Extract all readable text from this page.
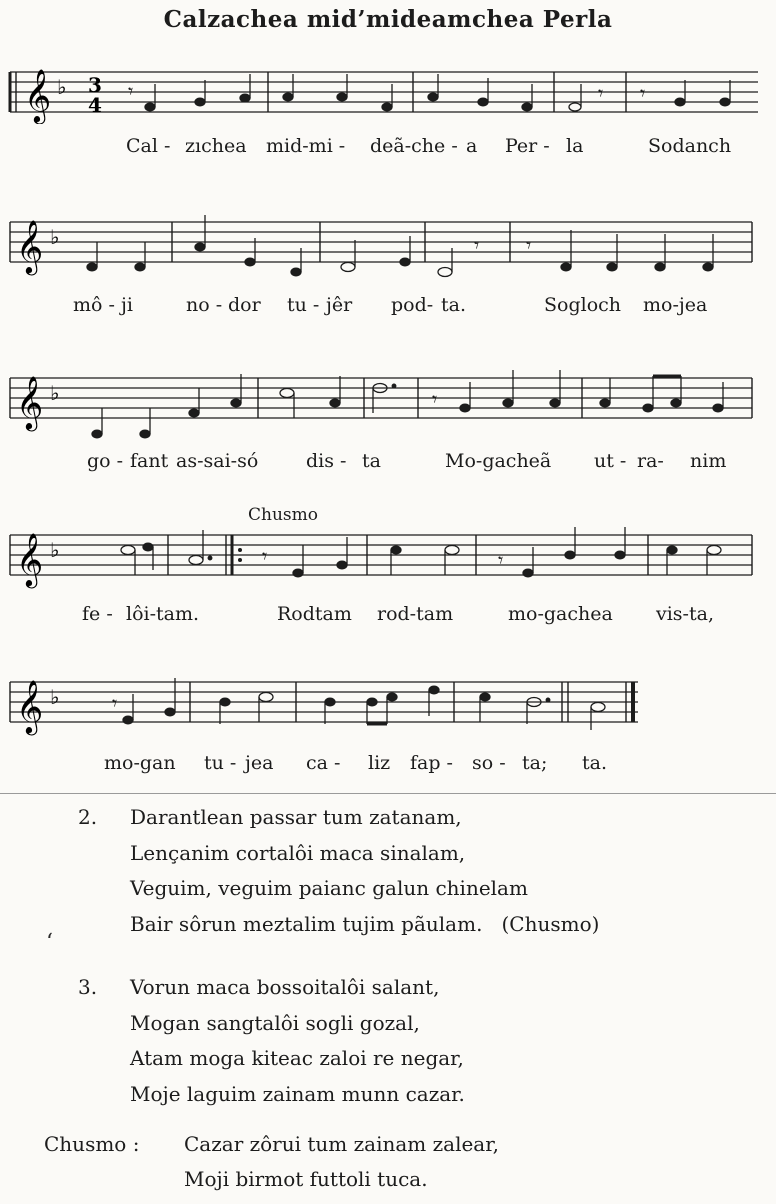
Calzachea mid’mideamchea Perla
𝄞 ♭ 3
4
𝄾	𝄾 𝄾
Cal - zıchea mid-mi - deã-che - a Per - la	Sodanch
𝄞 ♭	𝄾 𝄾
mô - ji	no - dor tu - jêr pod- ta.	Sogloch mo-jea
𝄞 ♭	𝄾
go - fant as-sai-só	dis - ta	Mo-gacheã ut - ra- nim
Chusmo
𝄞 ♭	𝄾	𝄾
fe - lôi-tam.	Rodtam rod-tam	mo-gachea vis-ta,
𝄞 ♭	𝄾
mo-gan tu - jea ca - liz fap - so - ta; ta.
2. Darantlean passar tum zatanam,
Lençanim cortalôi maca sinalam,
Veguim, veguim paianc galun chinelam
Bair sôrun meztalim tujim pãulam.   (Chusmo)
ʻ
3. Vorun maca bossoitalôi salant,
Mogan sangtalôi sogli gozal,
Atam moga kiteac zaloi re negar,
Moje laguim zainam munn cazar.
Chusmo : Cazar zôrui tum zainam zalear,
Moji birmot futtoli tuca.
